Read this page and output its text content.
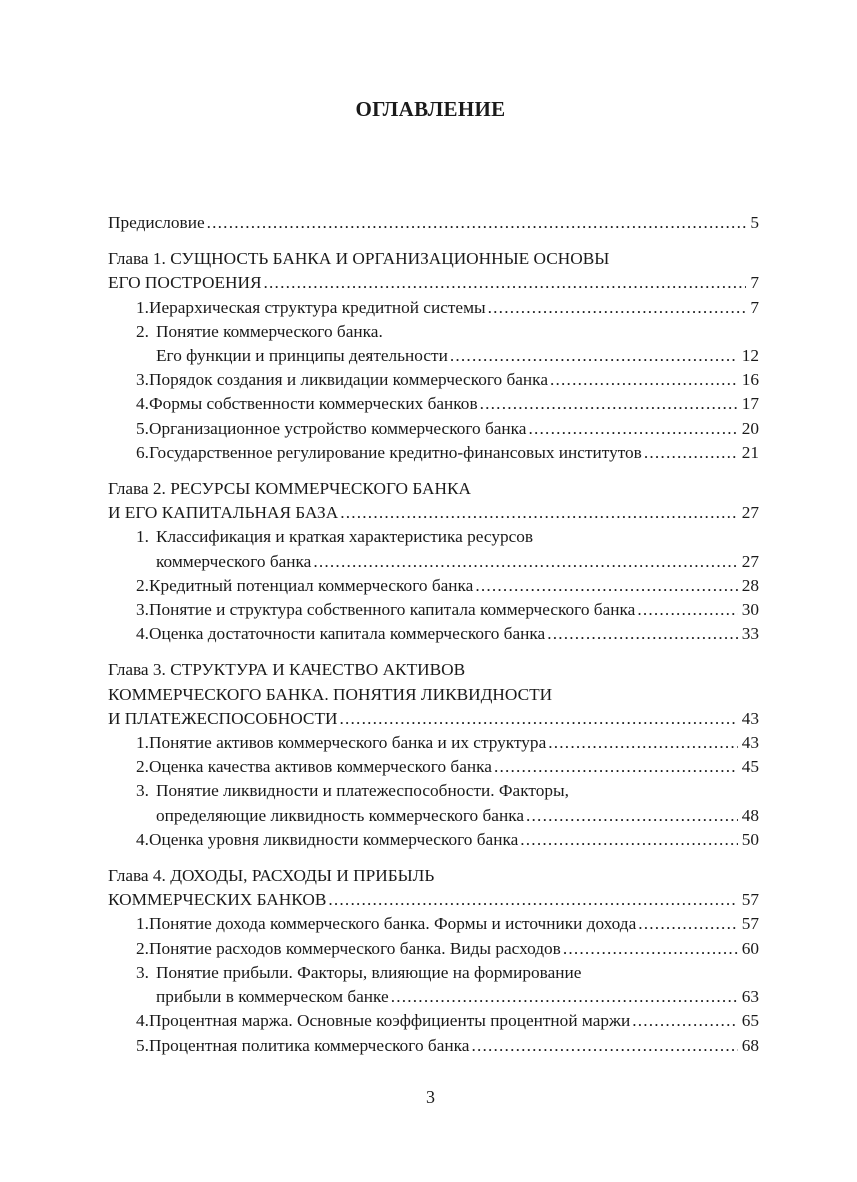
ОГЛАВЛЕНИЕ
Предисловие .....	5
Глава 1. СУЩНОСТЬ БАНКА И ОРГАНИЗАЦИОННЫЕ ОСНОВЫ
ЕГО ПОСТРОЕНИЯ .....	7
1. Иерархическая структура кредитной системы .....	7
2. Понятие коммерческого банка.
Его функции и принципы деятельности .....	12
3. Порядок создания и ликвидации коммерческого банка .....	16
4. Формы собственности коммерческих банков .....	17
5. Организационное устройство коммерческого банка .....	20
6. Государственное регулирование кредитно-финансовых институтов .....	21
Глава 2. РЕСУРСЫ КОММЕРЧЕСКОГО БАНКА
И ЕГО КАПИТАЛЬНАЯ БАЗА .....	27
1. Классификация и краткая характеристика ресурсов
коммерческого банка .....	27
2. Кредитный потенциал коммерческого банка .....	28
3. Понятие и структура собственного капитала коммерческого банка .....	30
4. Оценка достаточности капитала коммерческого банка .....	33
Глава 3. СТРУКТУРА И КАЧЕСТВО АКТИВОВ
КОММЕРЧЕСКОГО БАНКА. ПОНЯТИЯ ЛИКВИДНОСТИ
И ПЛАТЕЖЕСПОСОБНОСТИ .....	43
1. Понятие активов коммерческого банка и их структура .....	43
2. Оценка качества активов коммерческого банка .....	45
3. Понятие ликвидности и платежеспособности. Факторы,
определяющие ликвидность коммерческого банка .....	48
4. Оценка уровня ликвидности коммерческого банка .....	50
Глава 4. ДОХОДЫ, РАСХОДЫ И ПРИБЫЛЬ
КОММЕРЧЕСКИХ БАНКОВ .....	57
1. Понятие дохода коммерческого банка. Формы и источники дохода .....	57
2. Понятие расходов коммерческого банка. Виды расходов .....	60
3. Понятие прибыли. Факторы, влияющие на формирование
прибыли в коммерческом банке .....	63
4. Процентная маржа. Основные коэффициенты процентной маржи .....	65
5. Процентная политика коммерческого банка .....	68
3
